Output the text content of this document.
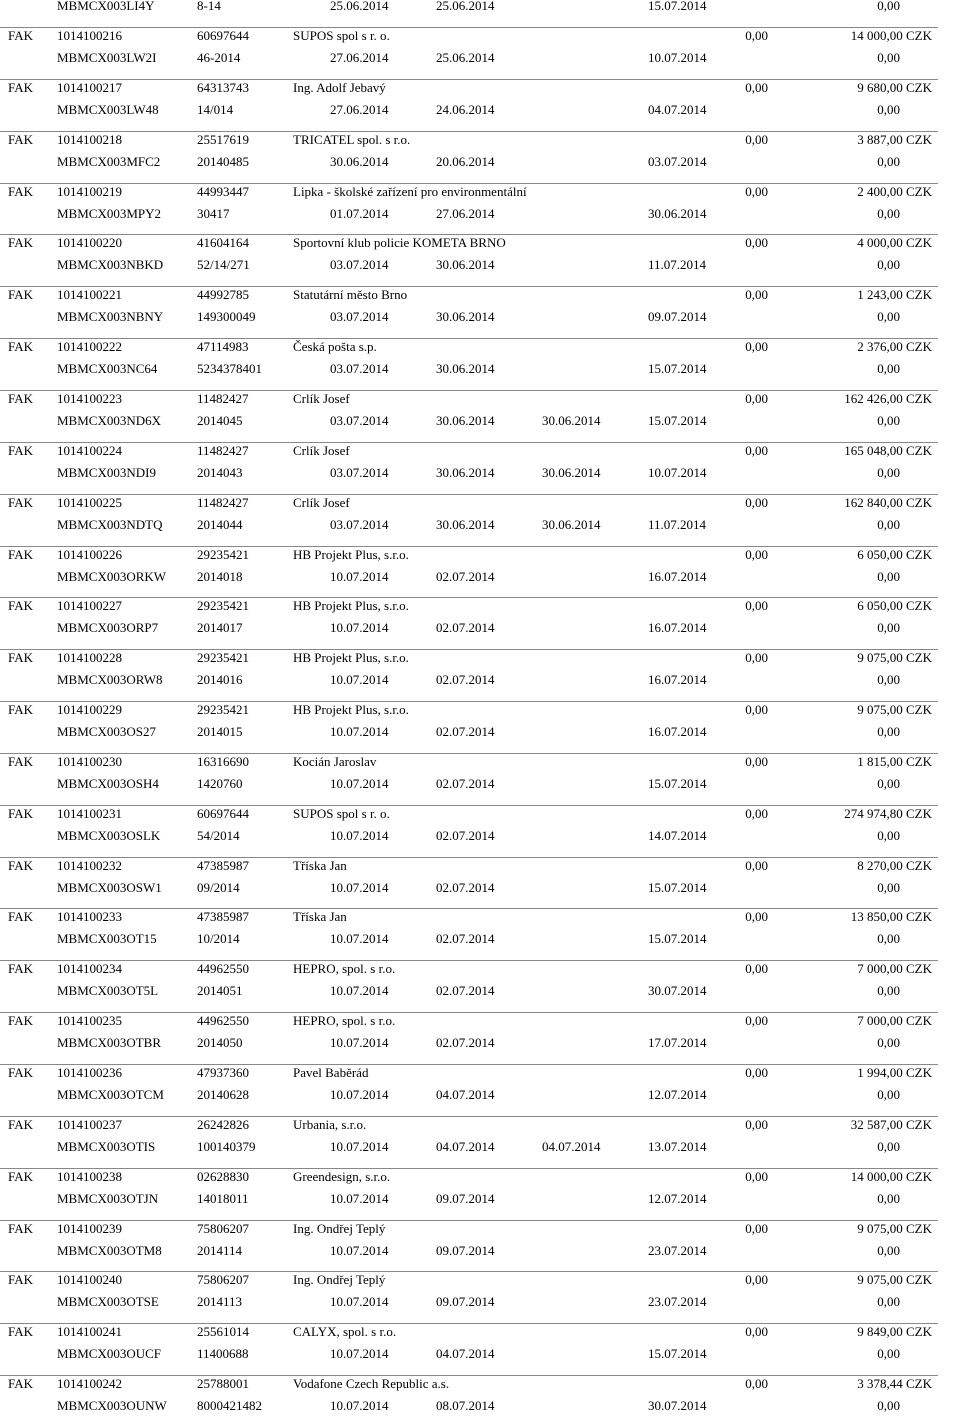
MBMCX003LI4Y	8-14	25.06.2014	25.06.2014	15.07.2014	0,00
FAK 1014100216	60697644	SUPOS spol s r. o.	0,00	14 000,00 CZK
MBMCX003LW2I	46-2014	27.06.2014	25.06.2014	10.07.2014	0,00
FAK 1014100217	64313743	Ing. Adolf Jebavý	0,00	9 680,00 CZK
MBMCX003LW48	14/014	27.06.2014	24.06.2014	04.07.2014	0,00
FAK 1014100218	25517619	TRICATEL spol. s r.o.	0,00	3 887,00 CZK
MBMCX003MFC2	20140485	30.06.2014	20.06.2014	03.07.2014	0,00
FAK 1014100219	44993447	Lipka - školské zařízení pro environmentální	0,00	2 400,00 CZK
MBMCX003MPY2	30417	01.07.2014	27.06.2014	30.06.2014	0,00
FAK 1014100220	41604164	Sportovní klub policie KOMETA BRNO	0,00	4 000,00 CZK
MBMCX003NBKD	52/14/271	03.07.2014	30.06.2014	11.07.2014	0,00
FAK 1014100221	44992785	Statutární město Brno	0,00	1 243,00 CZK
MBMCX003NBNY	149300049	03.07.2014	30.06.2014	09.07.2014	0,00
FAK 1014100222	47114983	Česká pošta s.p.	0,00	2 376,00 CZK
MBMCX003NC64	5234378401	03.07.2014	30.06.2014	15.07.2014	0,00
FAK 1014100223	11482427	Crlík Josef	0,00	162 426,00 CZK
MBMCX003ND6X	2014045	03.07.2014	30.06.2014	30.06.2014	15.07.2014	0,00
FAK 1014100224	11482427	Crlík Josef	0,00	165 048,00 CZK
MBMCX003NDI9	2014043	03.07.2014	30.06.2014	30.06.2014	10.07.2014	0,00
FAK 1014100225	11482427	Crlík Josef	0,00	162 840,00 CZK
MBMCX003NDTQ	2014044	03.07.2014	30.06.2014	30.06.2014	11.07.2014	0,00
FAK 1014100226	29235421	HB Projekt Plus, s.r.o.	0,00	6 050,00 CZK
MBMCX003ORKW 2014018	10.07.2014	02.07.2014	16.07.2014	0,00
FAK 1014100227	29235421	HB Projekt Plus, s.r.o.	0,00	6 050,00 CZK
MBMCX003ORP7	2014017	10.07.2014	02.07.2014	16.07.2014	0,00
FAK 1014100228	29235421	HB Projekt Plus, s.r.o.	0,00	9 075,00 CZK
MBMCX003ORW8	2014016	10.07.2014	02.07.2014	16.07.2014	0,00
FAK 1014100229	29235421	HB Projekt Plus, s.r.o.	0,00	9 075,00 CZK
MBMCX003OS27	2014015	10.07.2014	02.07.2014	16.07.2014	0,00
FAK 1014100230	16316690	Kocián Jaroslav	0,00	1 815,00 CZK
MBMCX003OSH4	1420760	10.07.2014	02.07.2014	15.07.2014	0,00
FAK 1014100231	60697644	SUPOS spol s r. o.	0,00	274 974,80 CZK
MBMCX003OSLK	54/2014	10.07.2014	02.07.2014	14.07.2014	0,00
FAK 1014100232	47385987	Tříska Jan	0,00	8 270,00 CZK
MBMCX003OSW1	09/2014	10.07.2014	02.07.2014	15.07.2014	0,00
FAK 1014100233	47385987	Tříska Jan	0,00	13 850,00 CZK
MBMCX003OT15	10/2014	10.07.2014	02.07.2014	15.07.2014	0,00
FAK 1014100234	44962550	HEPRO, spol. s r.o.	0,00	7 000,00 CZK
MBMCX003OT5L	2014051	10.07.2014	02.07.2014	30.07.2014	0,00
FAK 1014100235	44962550	HEPRO, spol. s r.o.	0,00	7 000,00 CZK
MBMCX003OTBR	2014050	10.07.2014	02.07.2014	17.07.2014	0,00
FAK 1014100236	47937360	Pavel Baběrád	0,00	1 994,00 CZK
MBMCX003OTCM	20140628	10.07.2014	04.07.2014	12.07.2014	0,00
FAK 1014100237	26242826	Urbania, s.r.o.	0,00	32 587,00 CZK
MBMCX003OTIS	100140379	10.07.2014	04.07.2014	04.07.2014	13.07.2014	0,00
FAK 1014100238	02628830	Greendesign, s.r.o.	0,00	14 000,00 CZK
MBMCX003OTJN	14018011	10.07.2014	09.07.2014	12.07.2014	0,00
FAK 1014100239	75806207	Ing. Ondřej Teplý	0,00	9 075,00 CZK
MBMCX003OTM8	2014114	10.07.2014	09.07.2014	23.07.2014	0,00
FAK 1014100240	75806207	Ing. Ondřej Teplý	0,00	9 075,00 CZK
MBMCX003OTSE	2014113	10.07.2014	09.07.2014	23.07.2014	0,00
FAK 1014100241	25561014	CALYX, spol. s r.o.	0,00	9 849,00 CZK
MBMCX003OUCF	11400688	10.07.2014	04.07.2014	15.07.2014	0,00
FAK 1014100242	25788001	Vodafone Czech Republic a.s.	0,00	3 378,44 CZK
MBMCX003OUNW 8000421482	10.07.2014	08.07.2014	30.07.2014	0,00
